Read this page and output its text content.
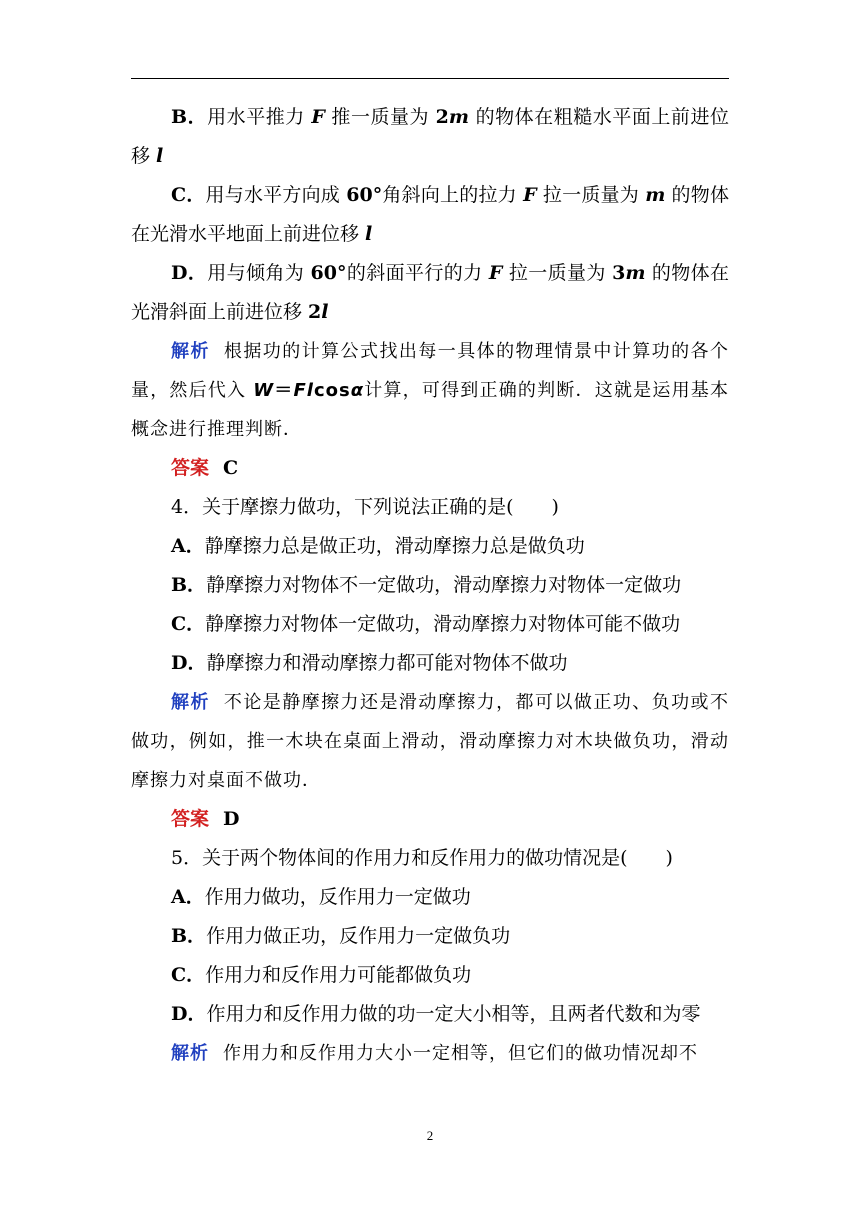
B．用水平推力 F 推一质量为 2m 的物体在粗糙水平面上前进位移 l

C．用与水平方向成 60°角斜向上的拉力 F 拉一质量为 m 的物体在光滑水平地面上前进位移 l

D．用与倾角为 60°的斜面平行的力 F 拉一质量为 3m 的物体在光滑斜面上前进位移 2l

解析 根据功的计算公式找出每一具体的物理情景中计算功的各个量，然后代入 W＝Flcosα计算，可得到正确的判断．这就是运用基本概念进行推理判断．

答案 C

4．关于摩擦力做功，下列说法正确的是(　　)

A．静摩擦力总是做正功，滑动摩擦力总是做负功

B．静摩擦力对物体不一定做功，滑动摩擦力对物体一定做功

C．静摩擦力对物体一定做功，滑动摩擦力对物体可能不做功

D．静摩擦力和滑动摩擦力都可能对物体不做功

解析 不论是静摩擦力还是滑动摩擦力，都可以做正功、负功或不做功，例如，推一木块在桌面上滑动，滑动摩擦力对木块做负功，滑动摩擦力对桌面不做功．

答案 D

5．关于两个物体间的作用力和反作用力的做功情况是(　　)

A．作用力做功，反作用力一定做功

B．作用力做正功，反作用力一定做负功

C．作用力和反作用力可能都做负功

D．作用力和反作用力做的功一定大小相等，且两者代数和为零

解析 作用力和反作用力大小一定相等，但它们的做功情况却不

2
